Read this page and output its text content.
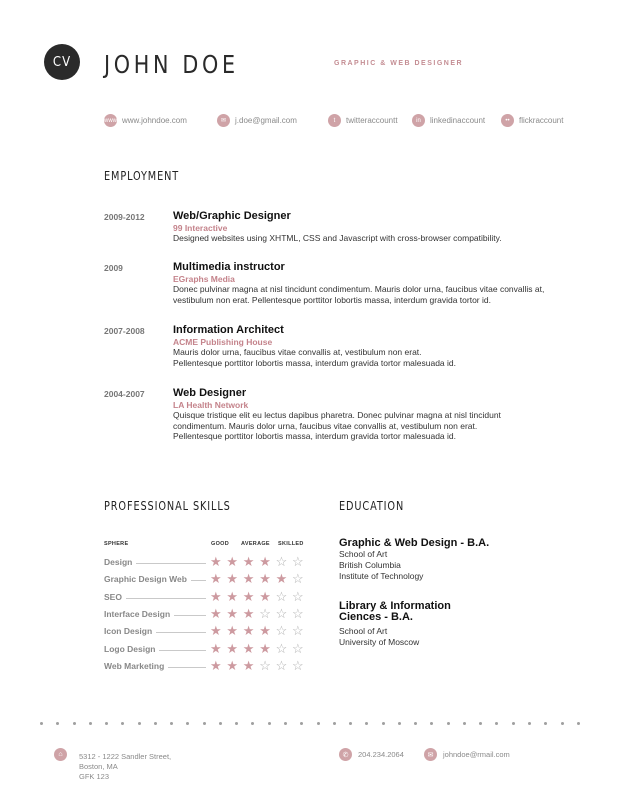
CV	JOHN DOE	GRAPHIC & WEB DESIGNER
www www.johndoe.com	✉	j.doe@gmail.com	t	twitteraccountt	in	linkedinaccount	••	flickraccount
EMPLOYMENT
2009-2012	Web/Graphic Designer
99 Interactive
Designed websites using XHTML, CSS and Javascript with cross-browser compatibility.
2009	Multimedia instructor
EGraphs Media
Donec pulvinar magna at nisl tincidunt condimentum. Mauris dolor urna, faucibus vitae convallis at,
vestibulum non erat. Pellentesque porttitor lobortis massa, interdum gravida tortor id.
2007-2008	Information Architect
ACME Publishing House
Mauris dolor urna, faucibus vitae convallis at, vestibulum non erat.
Pellentesque porttitor lobortis massa, interdum gravida tortor malesuada id.
2004-2007	Web Designer
LA Health Network
Quisque tristique elit eu lectus dapibus pharetra. Donec pulvinar magna at nisl tincidunt
condimentum. Mauris dolor urna, faucibus vitae convallis at, vestibulum non erat.
Pellentesque porttitor lobortis massa, interdum gravida tortor malesuada id.
PROFESSIONAL SKILLS
SPHERE	GOOD AVERAGE SKILLED
Design	★ ★ ★ ★ ☆ ☆
Graphic Design Web ★ ★ ★ ★ ★ ☆
SEO	★ ★ ★ ★ ☆ ☆
Interface Design	★ ★ ★ ☆ ☆ ☆
Icon Design	★ ★ ★ ★ ☆ ☆
Logo Design	★ ★ ★ ★ ☆ ☆
Web Marketing	★ ★ ★ ☆ ☆ ☆
EDUCATION
Graphic & Web Design - B.A.
School of Art
British Columbia
Institute of Technology
Library & Information
Ciences - B.A.
School of Art
University of Moscow
⌂	5312 - 1222 Sandler Street,
Boston, MA
GFK 123
✆	204.234.2064	✉	johndoe@rmail.com
